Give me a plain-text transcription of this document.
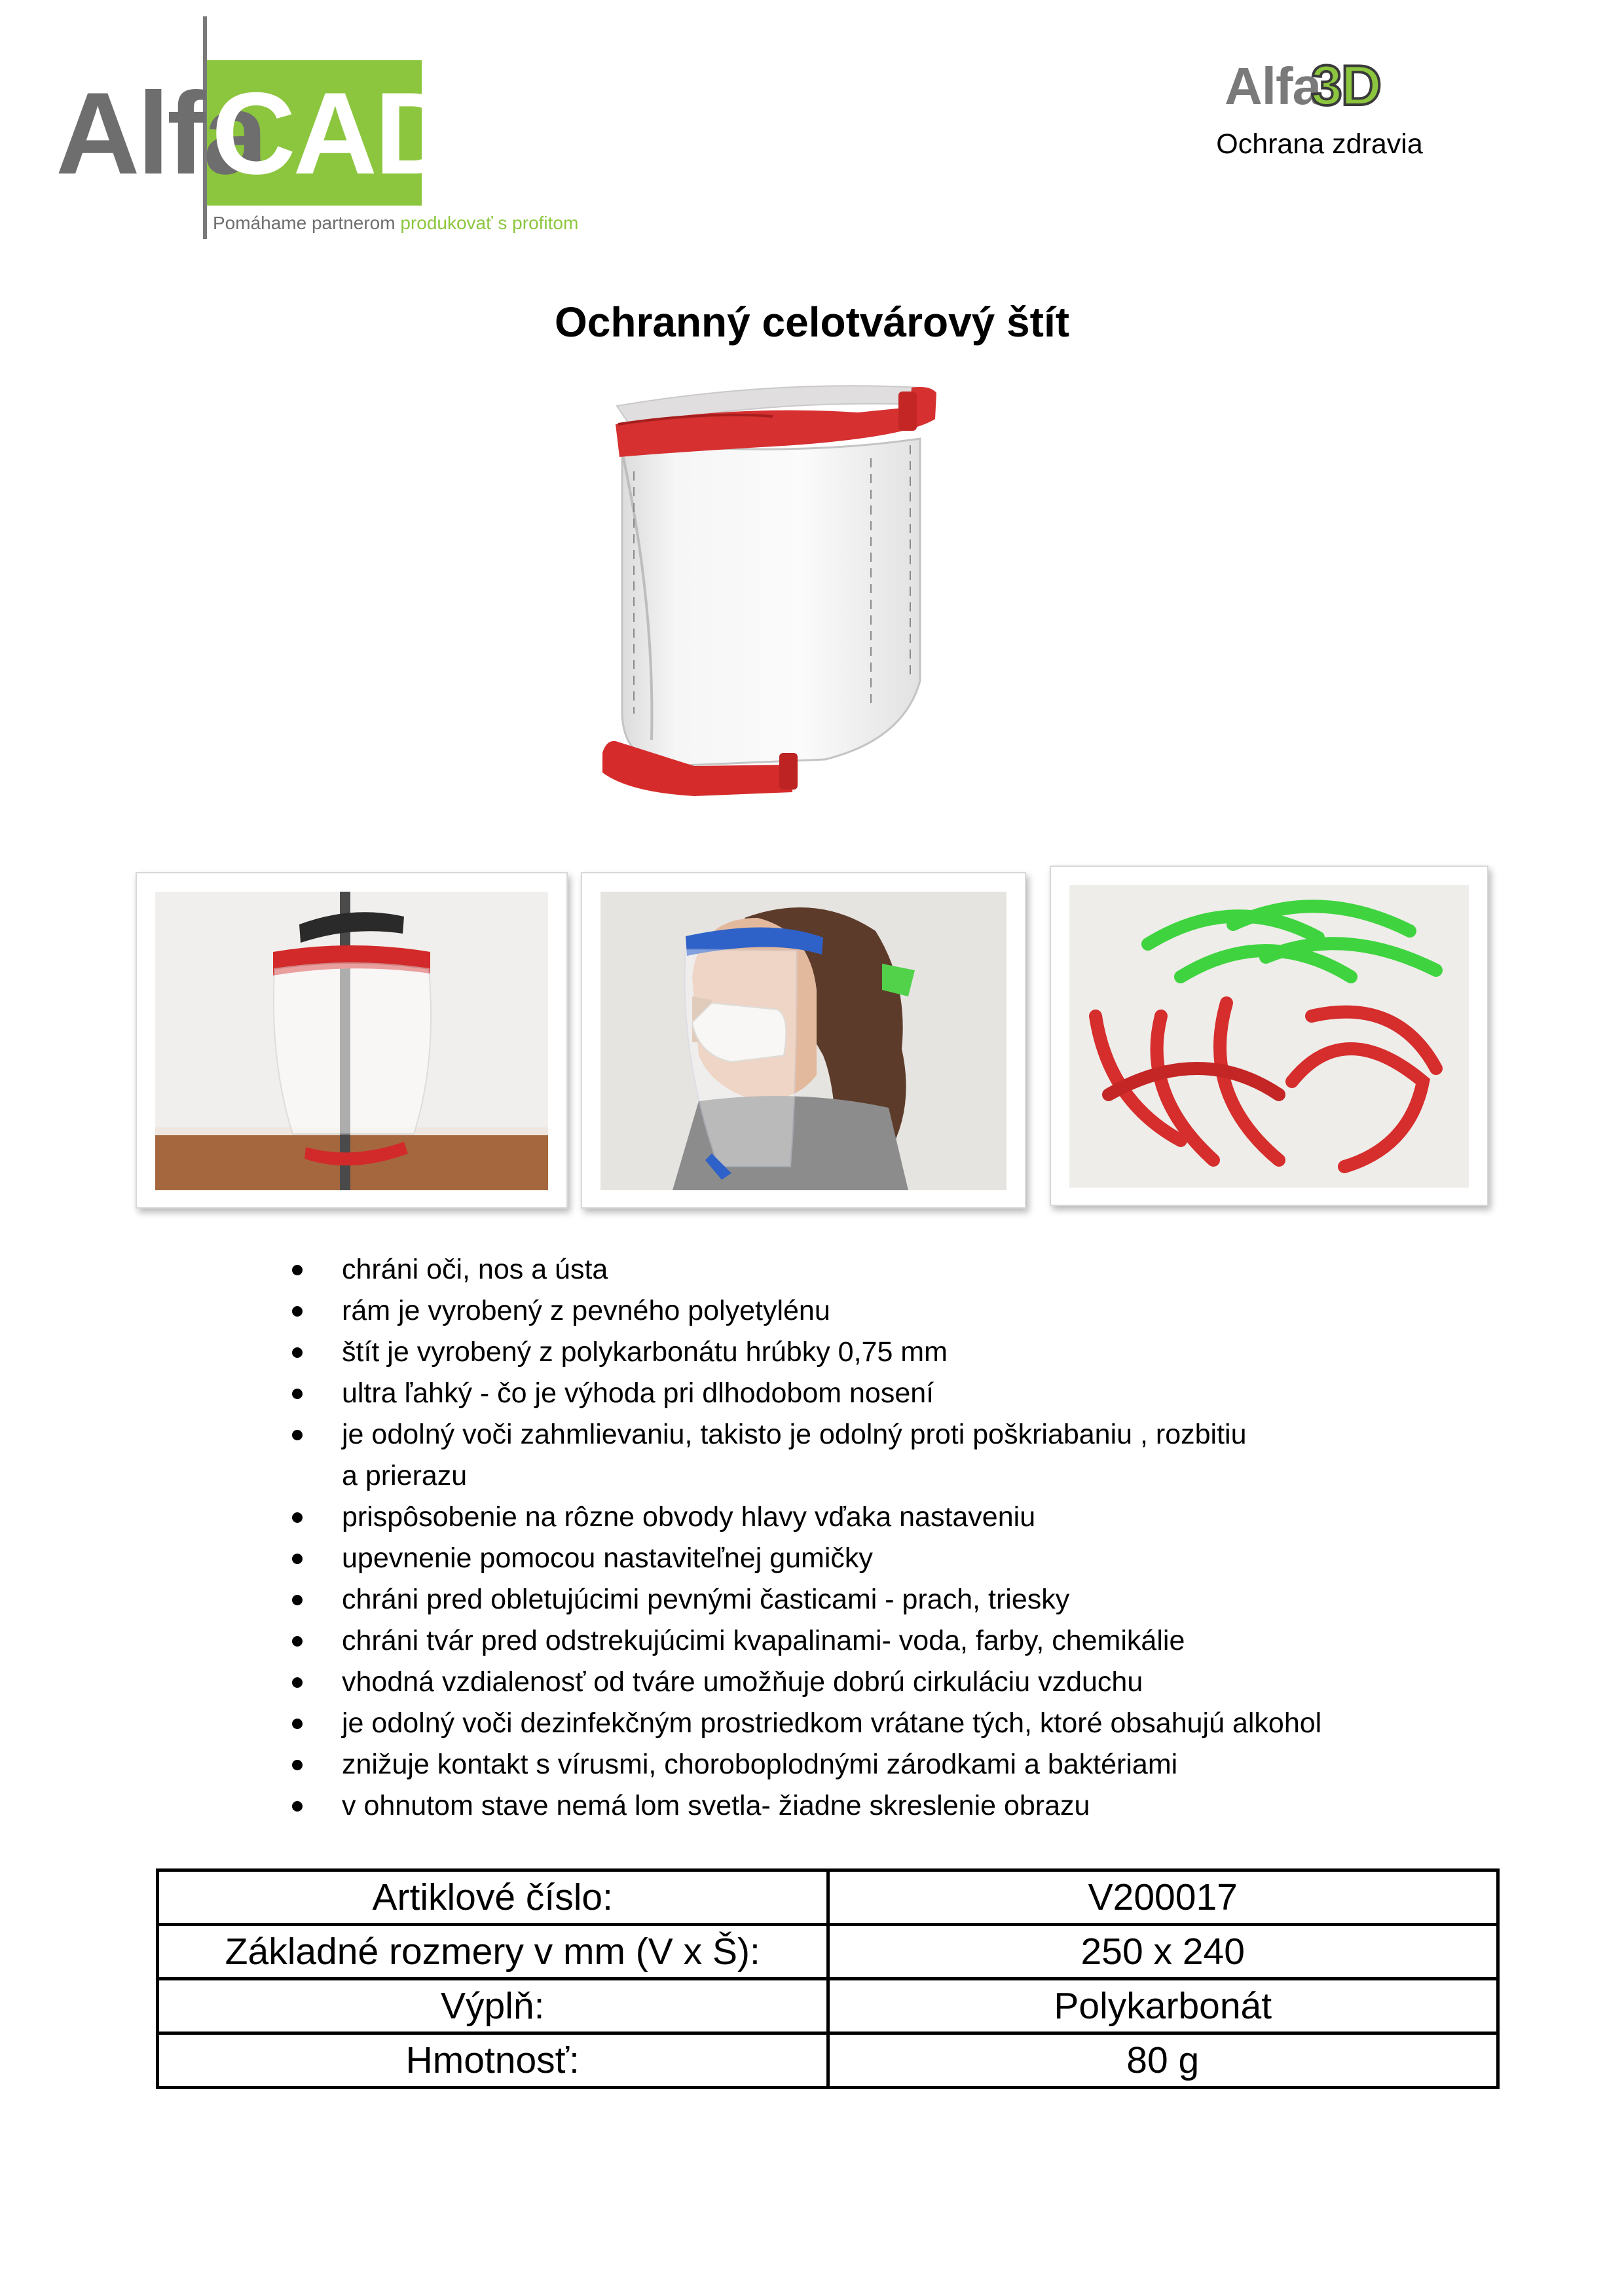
Alfa
CAD
Pomáhame partnerom produkovať s profitom
Alfa
3D
Ochrana zdravia
Ochranný celotvárový štít
chráni oči, nos a ústa
rám je vyrobený z pevného polyetylénu
štít je vyrobený z polykarbonátu hrúbky 0,75 mm
ultra ľahký - čo je výhoda pri dlhodobom nosení
je odolný voči zahmlievaniu, takisto je odolný proti poškriabaniu , rozbitiu
a prierazu
prispôsobenie na rôzne obvody hlavy vďaka nastaveniu
upevnenie pomocou nastaviteľnej gumičky
chráni pred obletujúcimi pevnými časticami - prach, triesky
chráni tvár pred odstrekujúcimi kvapalinami- voda, farby, chemikálie
vhodná vzdialenosť od tváre umožňuje dobrú cirkuláciu vzduchu
je odolný voči dezinfekčným prostriedkom vrátane tých, ktoré obsahujú alkohol
znižuje kontakt s vírusmi, choroboplodnými zárodkami a baktériami
v ohnutom stave nemá lom svetla- žiadne skreslenie obrazu
Artiklové číslo:	V200017
Základné rozmery v mm (V x Š):	250 x 240
Výplň:	Polykarbonát
Hmotnosť:	80 g
